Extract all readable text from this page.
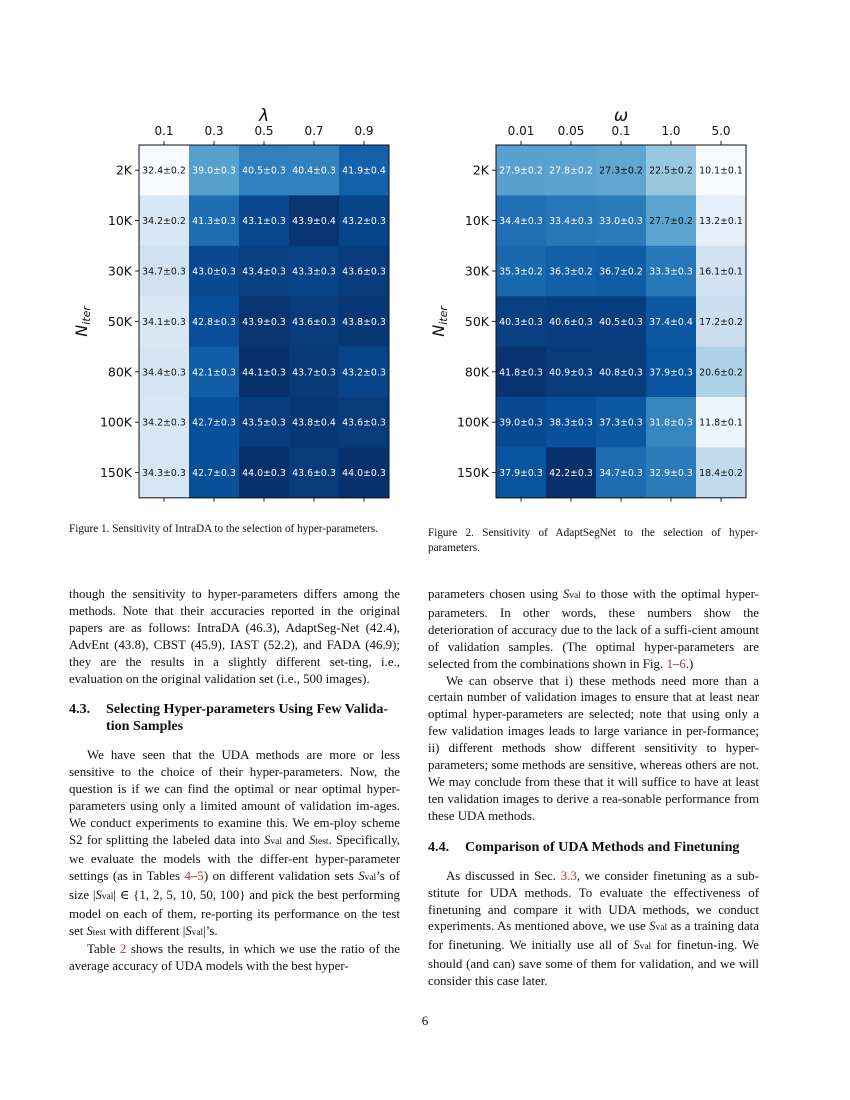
32.4±0.2 39.0±0.3 40.5±0.3 40.4±0.3 41.9±0.4
34.2±0.2 41.3±0.3 43.1±0.3 43.9±0.4 43.2±0.3
34.7±0.3 43.0±0.3 43.4±0.3 43.3±0.3 43.6±0.3
34.1±0.3 42.8±0.3 43.9±0.3 43.6±0.3 43.8±0.3
34.4±0.3 42.1±0.3 44.1±0.3 43.7±0.3 43.2±0.3
34.2±0.3 42.7±0.3 43.5±0.3 43.8±0.4 43.6±0.3
34.3±0.3 42.7±0.3 44.0±0.3 43.6±0.3 44.0±0.3
0.1	0.3	0.5	0.7	0.9
2K
10K
30K
50K
80K
100K
150K
λ
Niter
27.9±0.2 27.8±0.2 27.3±0.2 22.5±0.2 10.1±0.1
34.4±0.3 33.4±0.3 33.0±0.3 27.7±0.2 13.2±0.1
35.3±0.2 36.3±0.2 36.7±0.2 33.3±0.3 16.1±0.1
40.3±0.3 40.6±0.3 40.5±0.3 37.4±0.4 17.2±0.2
41.8±0.3 40.9±0.3 40.8±0.3 37.9±0.3 20.6±0.2
39.0±0.3 38.3±0.3 37.3±0.3 31.8±0.3 11.8±0.1
37.9±0.3 42.2±0.3 34.7±0.3 32.9±0.3 18.4±0.2
0.01 0.05 0.1	1.0	5.0
2K
10K
30K
50K
80K
100K
150K
ω
Niter
Figure 1. Sensitivity of IntraDA to the selection of hyper-parameters.	Figure 2. Sensitivity of AdaptSegNet to the selection of hyper-parameters.

though the sensitivity to hyper-parameters differs among the methods. Note that their accuracies reported in the original papers are as follows: IntraDA (46.3), AdaptSeg-Net (42.4), AdvEnt (43.8), CBST (45.9), IAST (52.2), and FADA (46.9); they are the results in a slightly different set-ting, i.e., evaluation on the original validation set (i.e., 500 images).

4.3. Selecting Hyper-parameters Using Few Valida-tion Samples

We have seen that the UDA methods are more or less sensitive to the choice of their hyper-parameters. Now, the question is if we can find the optimal or near optimal hyper-parameters using only a limited amount of validation im-ages. We conduct experiments to examine this. We em-ploy scheme S2 for splitting the labeled data into Sval and Stest. Specifically, we evaluate the models with the differ-ent hyper-parameter settings (as in Tables 4–5) on different validation sets Sval’s of size |Sval| ∈ {1, 2, 5, 10, 50, 100} and pick the best performing model on each of them, re-porting its performance on the test set Stest with different |Sval|’s.

Table 2 shows the results, in which we use the ratio of the average accuracy of UDA models with the best hyper-

parameters chosen using Sval to those with the optimal hyper-parameters. In other words, these numbers show the deterioration of accuracy due to the lack of a suffi-cient amount of validation samples. (The optimal hyper-parameters are selected from the combinations shown in Fig. 1–6.)

We can observe that i) these methods need more than a certain number of validation images to ensure that at least near optimal hyper-parameters are selected; note that using only a few validation images leads to large variance in per-formance; ii) different methods show different sensitivity to hyper-parameters; some methods are sensitive, whereas others are not. We may conclude from these that it will suffice to have at least ten validation images to derive a rea-sonable performance from these UDA methods.

4.4. Comparison of UDA Methods and Finetuning

As discussed in Sec. 3.3, we consider finetuning as a sub-stitute for UDA methods. To evaluate the effectiveness of finetuning and compare it with UDA methods, we conduct experiments. As mentioned above, we use Sval as a training data for finetuning. We initially use all of Sval for finetun-ing. We should (and can) save some of them for validation, and we will consider this case later.

6
